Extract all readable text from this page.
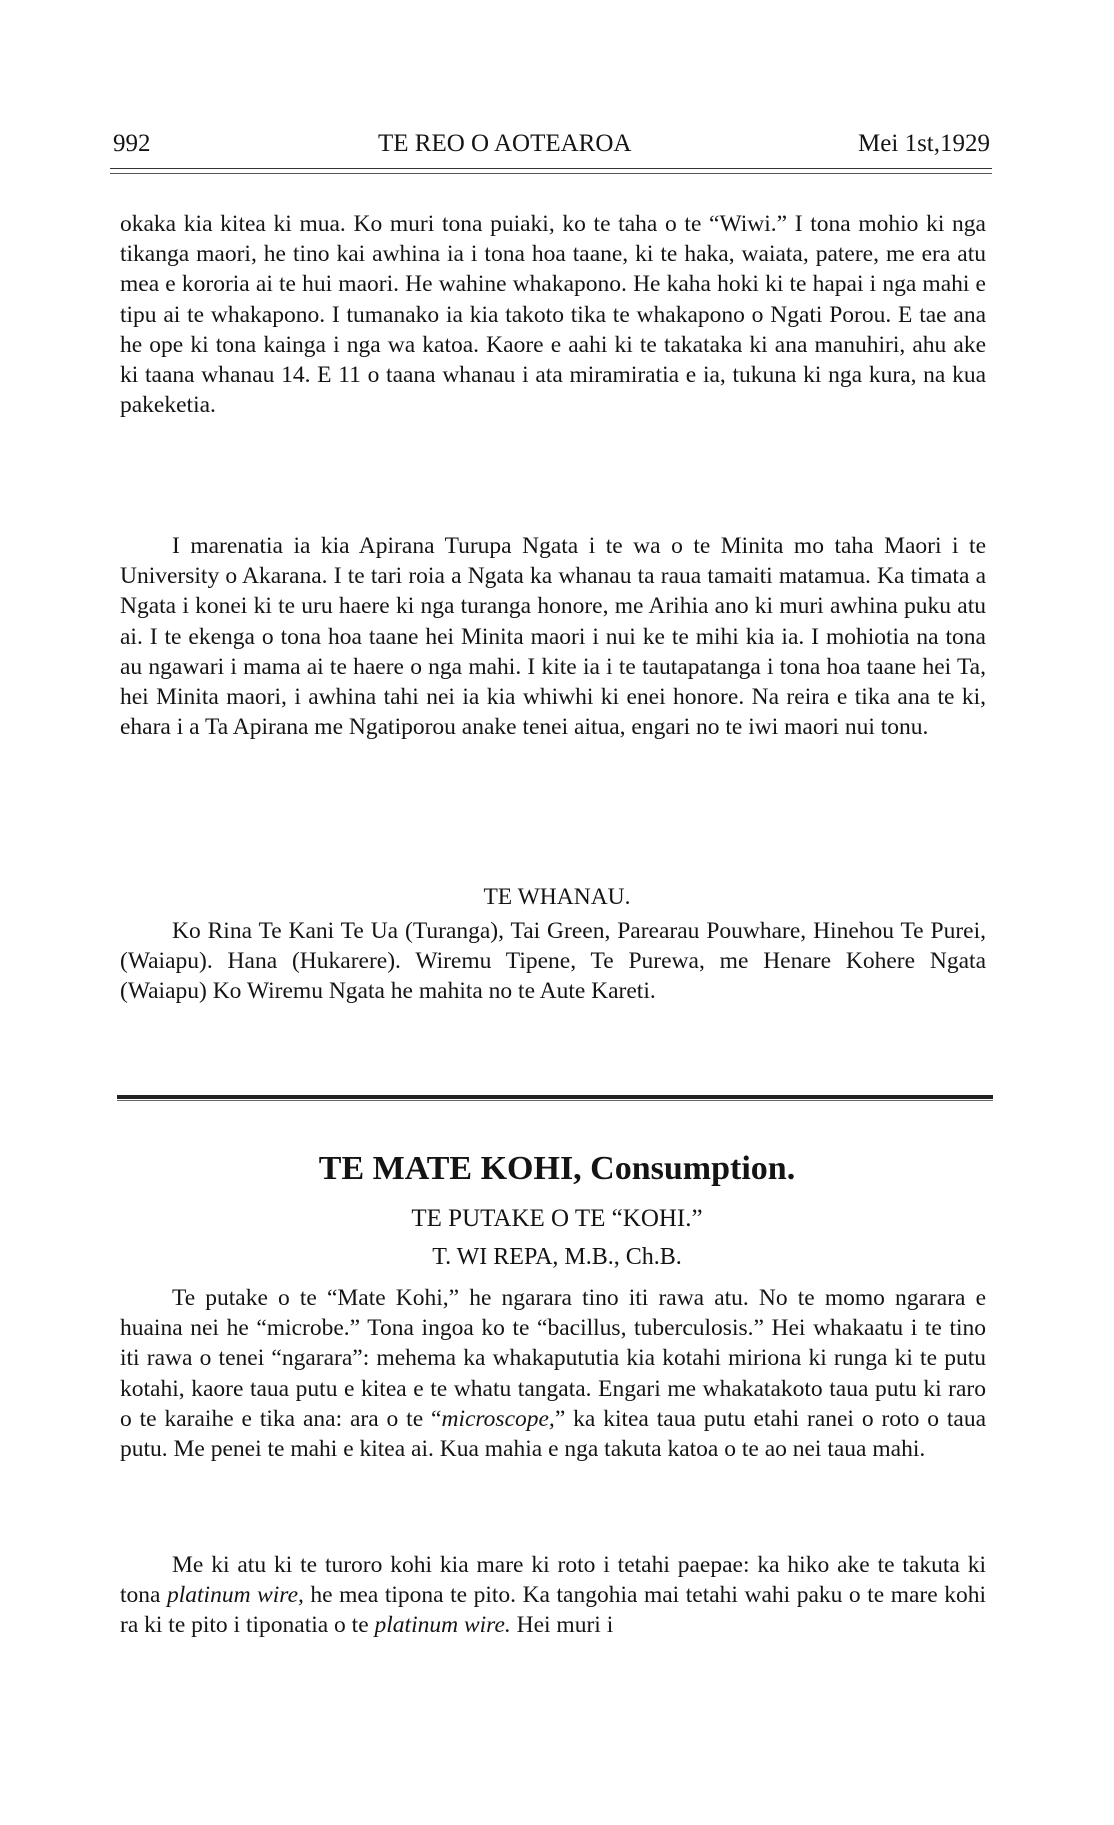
992	TE REO O AOTEAROA	Mei 1st,1929
okaka kia kitea ki mua. Ko muri tona puiaki, ko te taha o te “Wiwi.” I tona mohio ki nga tikanga maori, he tino kai awhina ia i tona hoa taane, ki te haka, waiata, patere, me era atu mea e kororia ai te hui maori. He wahine whakapono. He kaha hoki ki te hapai i nga mahi e tipu ai te whakapono. I tumanako ia kia takoto tika te whakapono o Ngati Porou. E tae ana he ope ki tona kainga i nga wa katoa. Kaore e aahi ki te takataka ki ana manuhiri, ahu ake ki taana whanau 14. E 11 o taana whanau i ata miramiratia e ia, tukuna ki nga kura, na kua pakeketia.
I marenatia ia kia Apirana Turupa Ngata i te wa o te Minita mo taha Maori i te University o Akarana. I te tari roia a Ngata ka whanau ta raua tamaiti matamua. Ka timata a Ngata i konei ki te uru haere ki nga turanga honore, me Arihia ano ki muri awhina puku atu ai. I te ekenga o tona hoa taane hei Minita maori i nui ke te mihi kia ia. I mohiotia na tona au ngawari i mama ai te haere o nga mahi. I kite ia i te tautapatanga i tona hoa taane hei Ta, hei Minita maori, i awhina tahi nei ia kia whiwhi ki enei honore. Na reira e tika ana te ki, ehara i a Ta Apirana me Ngatiporou anake tenei aitua, engari no te iwi maori nui tonu.
TE WHANAU.
Ko Rina Te Kani Te Ua (Turanga), Tai Green, Parearau Pouwhare, Hinehou Te Purei, (Waiapu). Hana (Hukarere). Wiremu Tipene, Te Purewa, me Henare Kohere Ngata (Waiapu) Ko Wiremu Ngata he mahita no te Aute Kareti.
TE MATE KOHI, Consumption.
TE PUTAKE O TE “KOHI.”
T. WI REPA, M.B., Ch.B.
Te putake o te “Mate Kohi,” he ngarara tino iti rawa atu. No te momo ngarara e huaina nei he “microbe.” Tona ingoa ko te “bacillus, tuberculosis.” Hei whakaatu i te tino iti rawa o tenei “ngarara”: mehema ka whakapututia kia kotahi miriona ki runga ki te putu kotahi, kaore taua putu e kitea e te whatu tangata. Engari me whakatakoto taua putu ki raro o te karaihe e tika ana: ara o te “microscope,” ka kitea taua putu etahi ranei o roto o taua putu. Me penei te mahi e kitea ai. Kua mahia e nga takuta katoa o te ao nei taua mahi.
Me ki atu ki te turoro kohi kia mare ki roto i tetahi paepae: ka hiko ake te takuta ki tona platinum wire, he mea tipona te pito. Ka tangohia mai tetahi wahi paku o te mare kohi ra ki te pito i tiponatia o te platinum wire. Hei muri i
